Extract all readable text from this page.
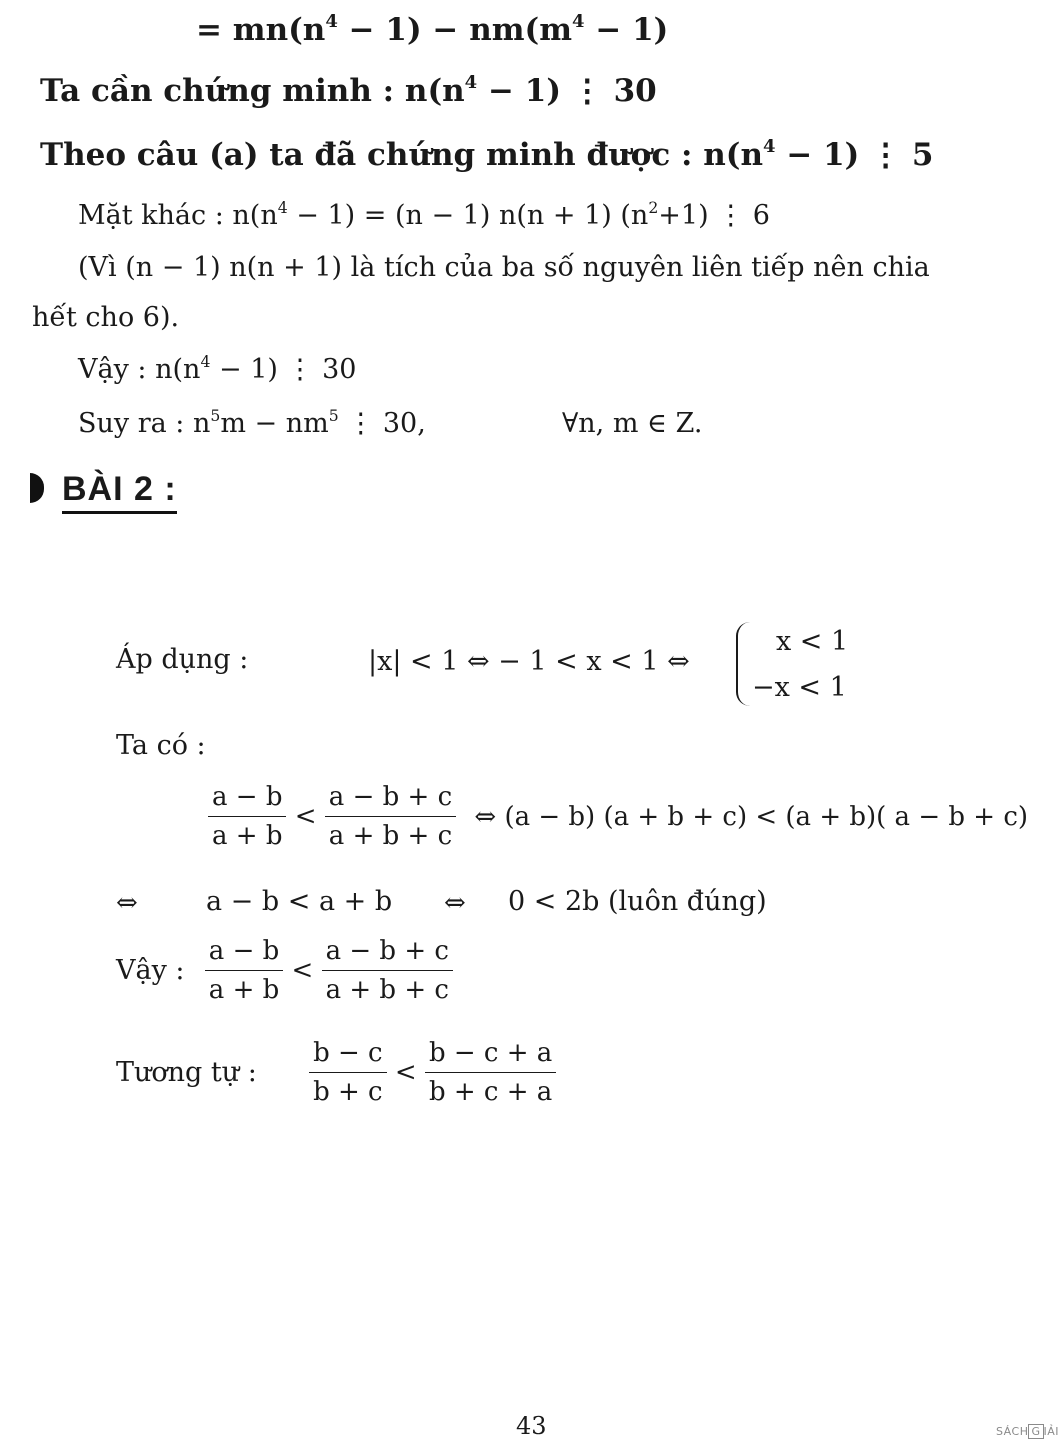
= $mn(n^4 - 1) - nm(m^4 - 1)$
Ta cần chứng minh : $n(n^4 - 1)$ ⋮ 30
Theo câu (a) ta đã chứng minh được : $n(n^4 - 1)$ ⋮ 5
Mặt khác : $n(n^4 - 1) = (n - 1) n(n + 1)$ $(n^2+1)$ ⋮ 6
(Vì (n − 1) n(n + 1) là tích của ba số nguyên liên tiếp nên chia
hết cho 6).
Vậy : $n(n^4 - 1)$ ⋮ 30
Suy ra : $n^5m - nm^5$ ⋮ 30,	∀n, m ∈ Z.
BÀI 2 :
Áp dụng :	|x| < 1 ⇔ − 1 < x < 1 ⇔
x < 1
−x < 1
Ta có :
$\frac{a - b}{a + b} < \frac{a - b + c}{a + b + c}$ ⇔ (a − b) (a + b + c) < (a + b)( a − b + c)
⇔	a − b < a + b ⇔ 0 < 2b (luôn đúng)
Vậy : $\frac{a - b}{a + b} < \frac{a - b + c}{a + b + c}$
Tương tự : $\frac{b - c}{b + c} < \frac{b - c + a}{b + c + a}$
43	SÁCH G IẢI
